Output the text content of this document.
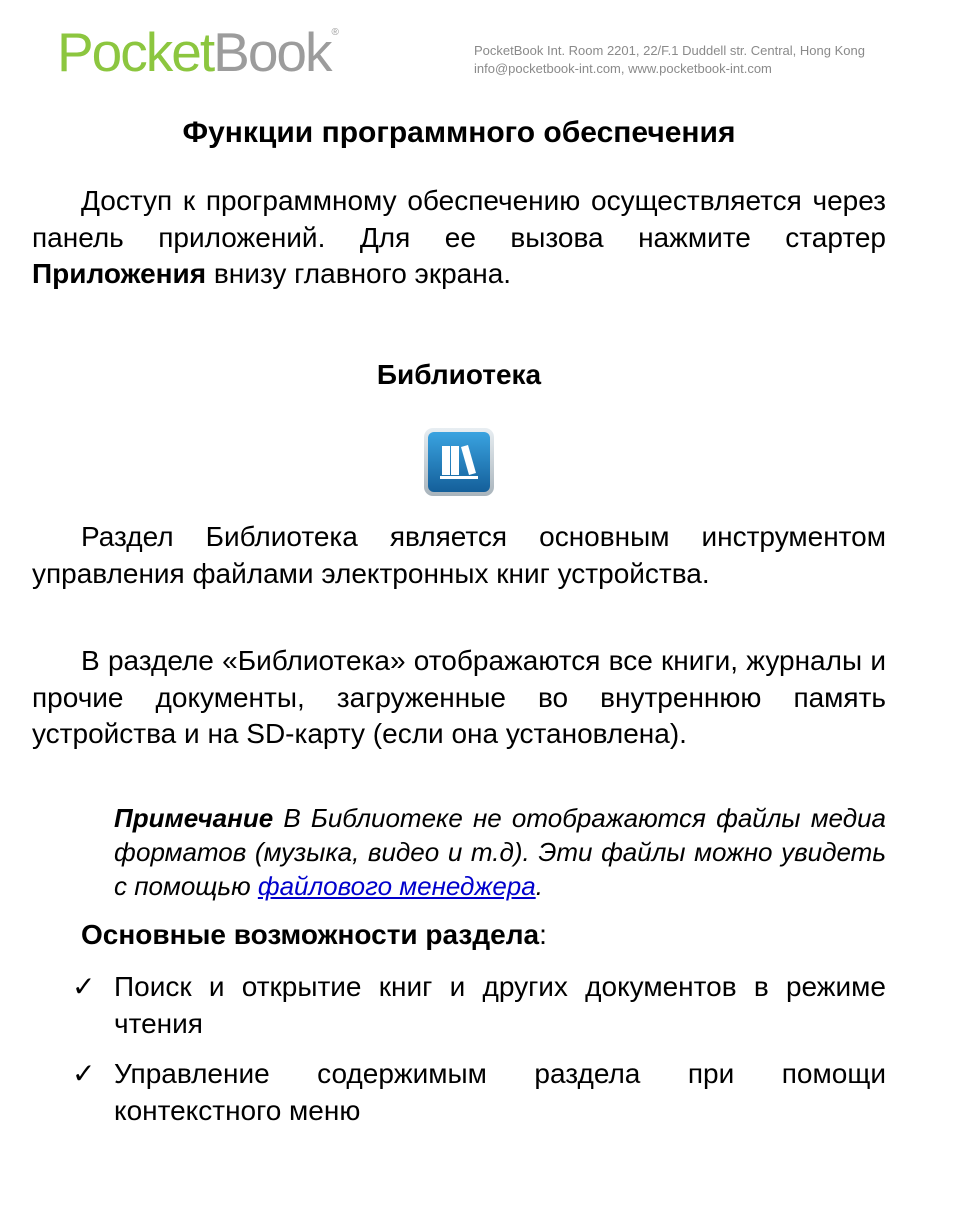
PocketBook®
PocketBook Int. Room 2201, 22/F.1 Duddell str. Central, Hong Kong
info@pocketbook-int.com, www.pocketbook-int.com
Функции программного обеспечения
Доступ к программному обеспечению осуществляется через панель приложений. Для ее вызова нажмите стартер Приложения внизу главного экрана.
Библиотека
Раздел Библиотека является основным инструментом управления файлами электронных книг устройства.
В разделе «Библиотека» отображаются все книги, журналы и прочие документы, загруженные во внутреннюю память устройства и на SD-карту (если она установлена).
Примечание В Библиотеке не отображаются файлы медиа форматов (музыка, видео и т.д). Эти файлы можно увидеть с помощью файлового менеджера.
Основные возможности раздела:
✓ Поиск и открытие книг и других документов в режиме чтения
✓ Управление содержимым раздела при помощи контекстного меню
